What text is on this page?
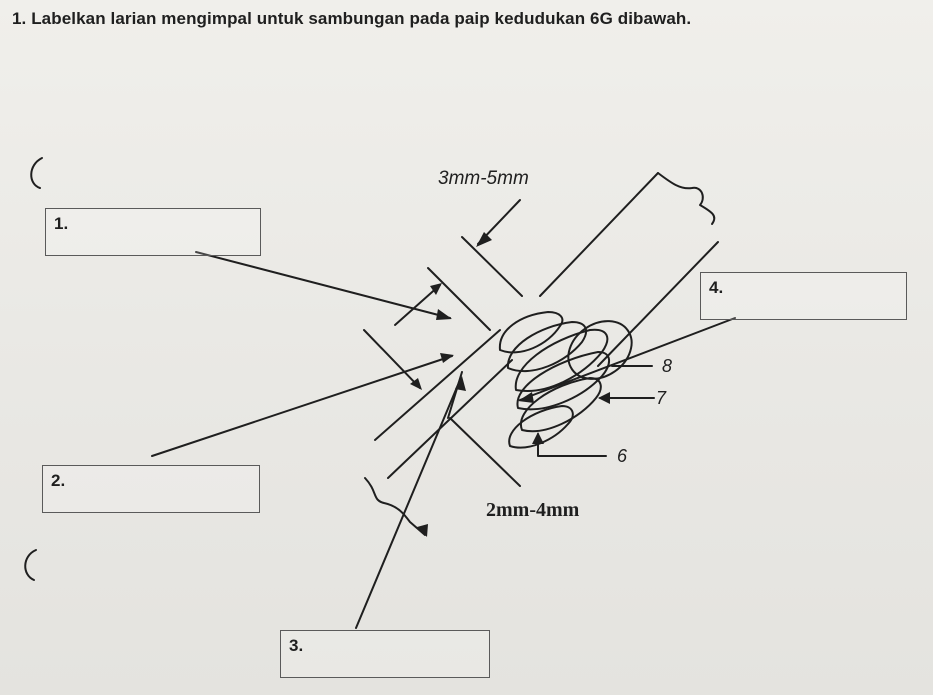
1. Labelkan larian mengimpal untuk sambungan pada paip kedudukan 6G dibawah.
3mm-5mm
2mm-4mm
8
7
6
1.
2.
3.
4.
